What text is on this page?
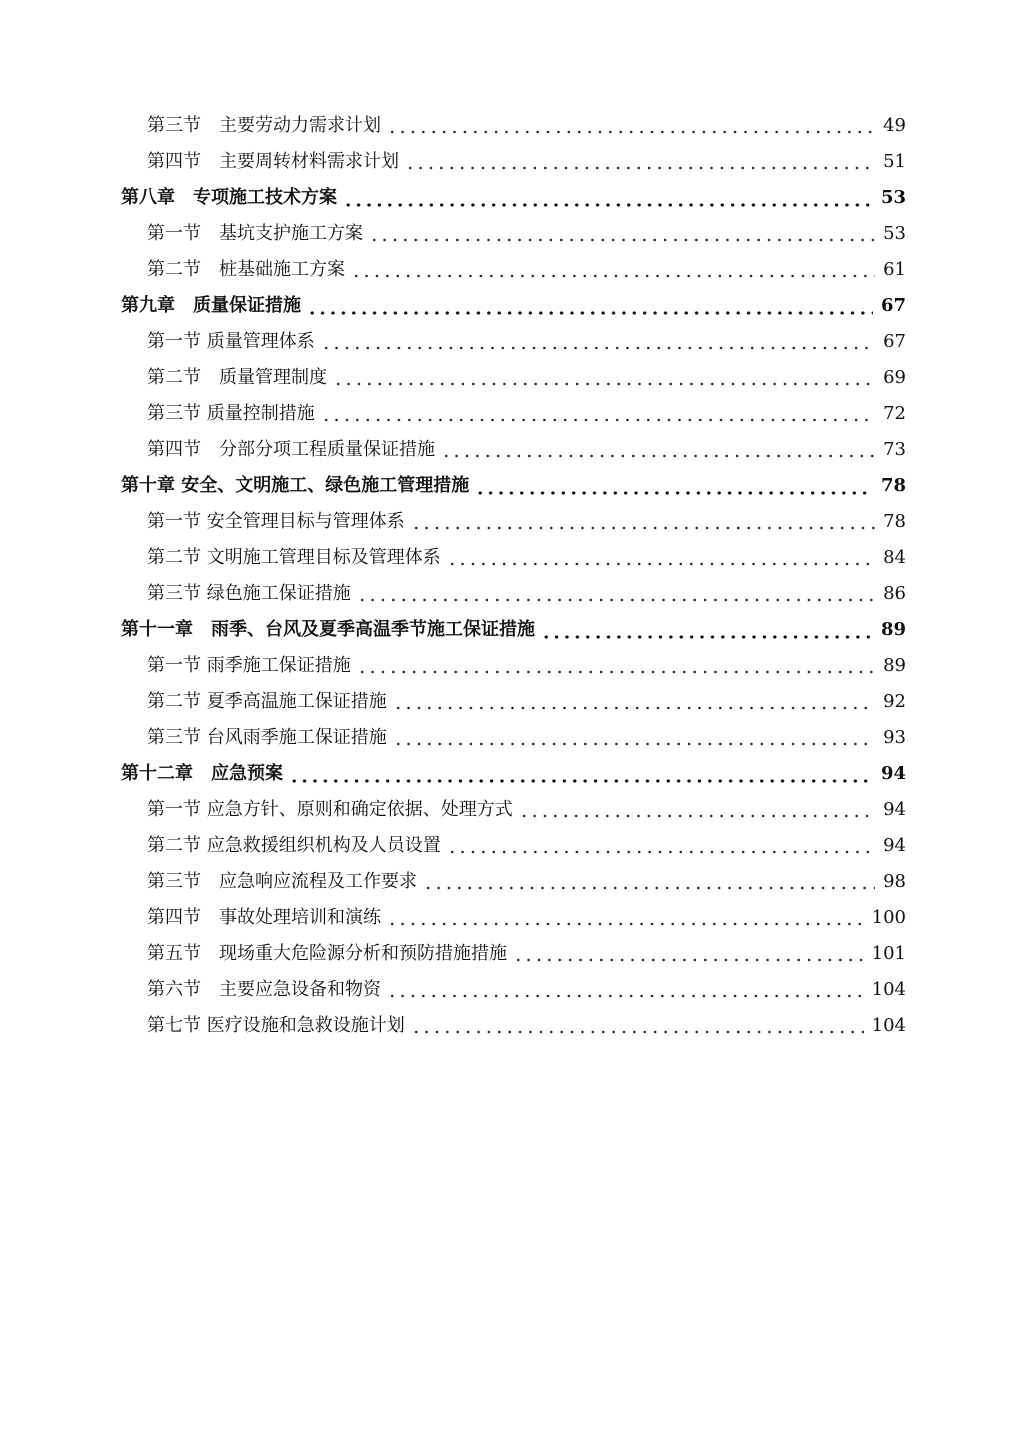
第三节　主要劳动力需求计划	49
第四节　主要周转材料需求计划	51
第八章　专项施工技术方案	53
第一节　基坑支护施工方案	53
第二节　桩基础施工方案	61
第九章　质量保证措施	67
第一节 质量管理体系	67
第二节　质量管理制度	69
第三节 质量控制措施	72
第四节　分部分项工程质量保证措施	73
第十章 安全、文明施工、绿色施工管理措施	78
第一节 安全管理目标与管理体系	78
第二节 文明施工管理目标及管理体系	84
第三节 绿色施工保证措施	86
第十一章　雨季、台风及夏季高温季节施工保证措施	89
第一节 雨季施工保证措施	89
第二节 夏季高温施工保证措施	92
第三节 台风雨季施工保证措施	93
第十二章　应急预案	94
第一节 应急方针、原则和确定依据、处理方式	94
第二节 应急救援组织机构及人员设置	94
第三节　应急响应流程及工作要求	98
第四节　事故处理培训和演练	100
第五节　现场重大危险源分析和预防措施措施	101
第六节　主要应急设备和物资	104
第七节 医疗设施和急救设施计划	104
